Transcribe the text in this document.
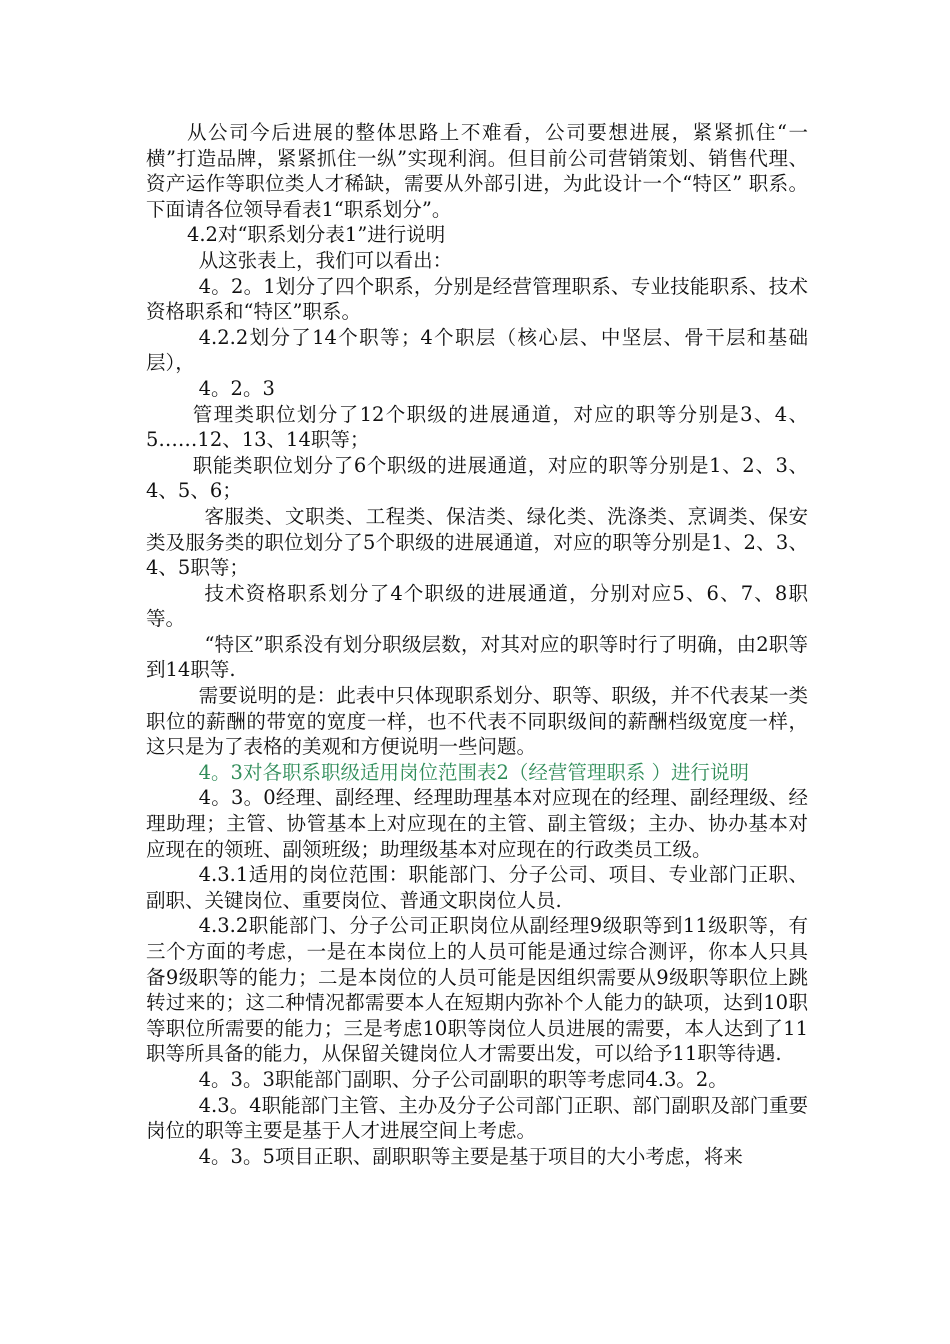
从公司今后进展的整体思路上不难看，公司要想进展，紧紧抓住“一横”打造品牌，紧紧抓住一纵”实现利润。但目前公司营销策划、销售代理、资产运作等职位类人才稀缺，需要从外部引进，为此设计一个“特区” 职系。下面请各位领导看表1“职系划分”。

4.2对“职系划分表1”进行说明

从这张表上，我们可以看出：

4。2。1划分了四个职系，分别是经营管理职系、专业技能职系、技术资格职系和“特区”职系。

4.2.2划分了14个职等；4个职层（核心层、中坚层、骨干层和基础层），

4。2。3

管理类职位划分了12个职级的进展通道，对应的职等分别是3、4、5……12、13、14职等；

职能类职位划分了6个职级的进展通道，对应的职等分别是1、2、3、4、5、6；

客服类、文职类、工程类、保洁类、绿化类、洗涤类、烹调类、保安类及服务类的职位划分了5个职级的进展通道，对应的职等分别是1、2、3、4、5职等；

技术资格职系划分了4个职级的进展通道，分别对应5、6、7、8职等。

“特区”职系没有划分职级层数，对其对应的职等时行了明确，由2职等到14职等.

需要说明的是：此表中只体现职系划分、职等、职级，并不代表某一类职位的薪酬的带宽的宽度一样，也不代表不同职级间的薪酬档级宽度一样，这只是为了表格的美观和方便说明一些问题。

4。3对各职系职级适用岗位范围表2（经营管理职系 ）进行说明

4。3。0经理、副经理、经理助理基本对应现在的经理、副经理级、经理助理；主管、协管基本上对应现在的主管、副主管级；主办、协办基本对应现在的领班、副领班级；助理级基本对应现在的行政类员工级。

4.3.1适用的岗位范围：职能部门、分子公司、项目、专业部门正职、副职、关键岗位、重要岗位、普通文职岗位人员.

4.3.2职能部门、分子公司正职岗位从副经理9级职等到11级职等，有三个方面的考虑，一是在本岗位上的人员可能是通过综合测评，你本人只具备9级职等的能力；二是本岗位的人员可能是因组织需要从9级职等职位上跳转过来的；这二种情况都需要本人在短期内弥补个人能力的缺项，达到10职等职位所需要的能力；三是考虑10职等岗位人员进展的需要，本人达到了11职等所具备的能力，从保留关键岗位人才需要出发，可以给予11职等待遇.

4。3。3职能部门副职、分子公司副职的职等考虑同4.3。2。

4.3。4职能部门主管、主办及分子公司部门正职、部门副职及部门重要岗位的职等主要是基于人才进展空间上考虑。

4。3。5项目正职、副职职等主要是基于项目的大小考虑，将来
